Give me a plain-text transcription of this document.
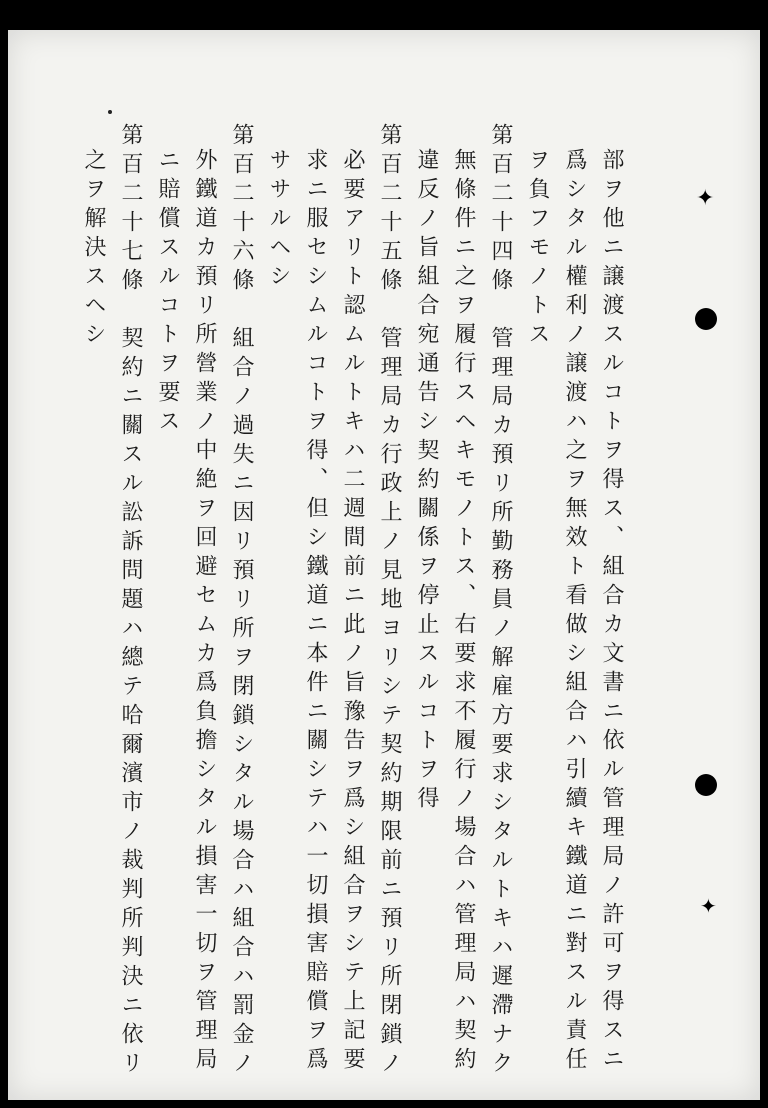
部ヲ他ニ譲渡スルコトヲ得ス、組合カ文書ニ依ル管理局ノ許可ヲ得スニ
爲シタル權利ノ譲渡ハ之ヲ無效ト看做シ組合ハ引續キ鐵道ニ對スル責任
ヲ負フモノトス
第百二十四條　管理局カ預リ所勤務員ノ解雇方要求シタルトキハ遲滯ナク
無條件ニ之ヲ履行スヘキモノトス、右要求不履行ノ場合ハ管理局ハ契約
違反ノ旨組合宛通告シ契約關係ヲ停止スルコトヲ得
第百二十五條　管理局カ行政上ノ見地ヨリシテ契約期限前ニ預リ所閉鎖ノ
必要アリト認ムルトキハ二週間前ニ此ノ旨豫告ヲ爲シ組合ヲシテ上記要
求ニ服セシムルコトヲ得、但シ鐵道ニ本件ニ關シテハ一切損害賠償ヲ爲
ササルヘシ
第百二十六條　組合ノ過失ニ因リ預リ所ヲ閉鎖シタル場合ハ組合ハ罰金ノ
外鐵道カ預リ所營業ノ中絶ヲ回避セムカ爲負擔シタル損害一切ヲ管理局
ニ賠償スルコトヲ要ス
第百二十七條　契約ニ關スル訟訴問題ハ總テ哈爾濱市ノ裁判所判決ニ依リ
之ヲ解決スヘシ	✦
✦
